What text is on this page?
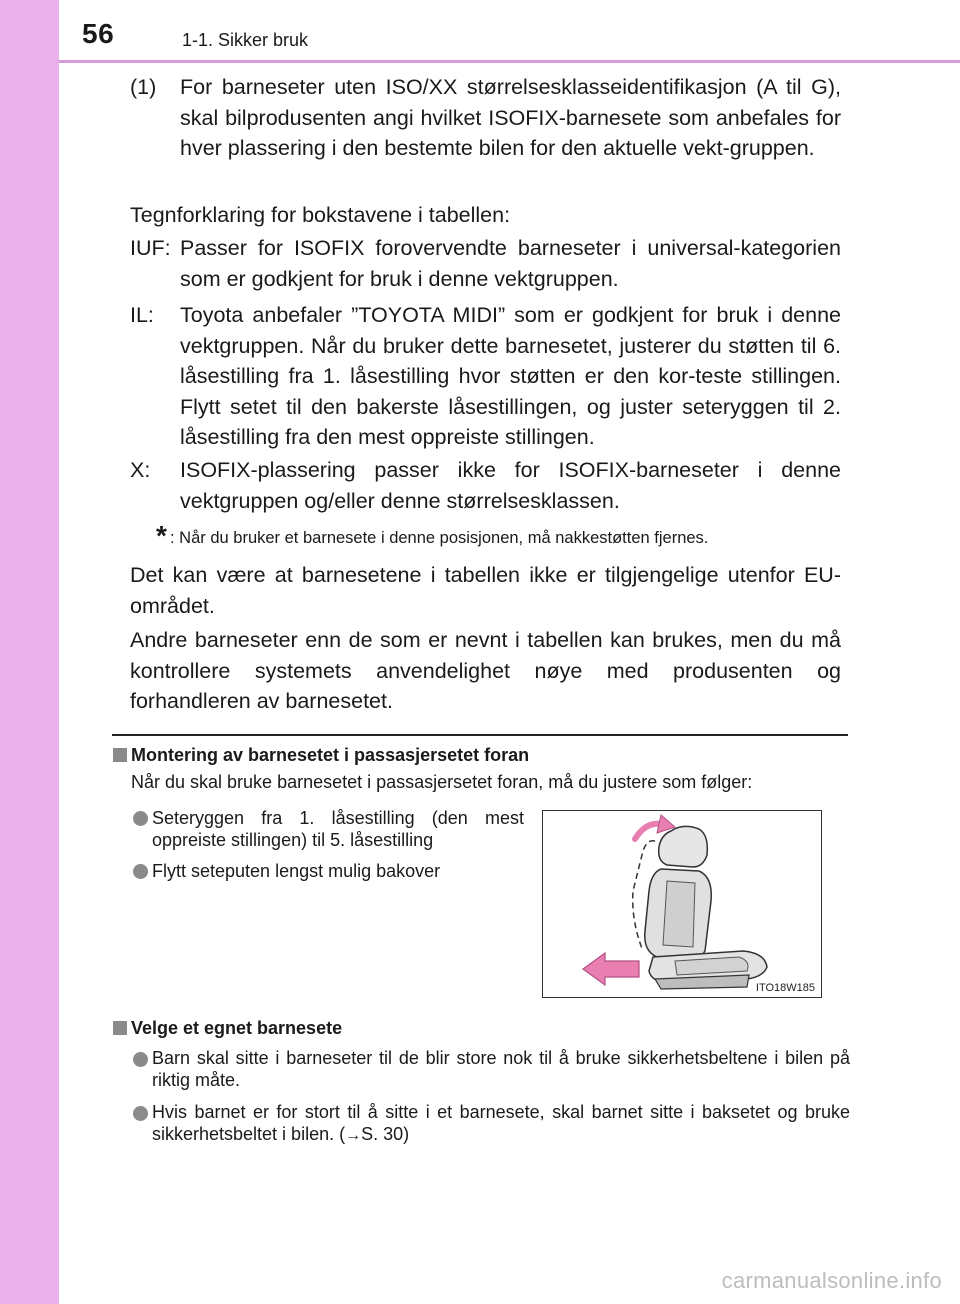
56	1-1. Sikker bruk
(1) For barneseter uten ISO/XX størrelsesklasseidentifikasjon (A til G), skal bilprodusenten angi hvilket ISOFIX-barnesete som anbefales for hver plassering i den bestemte bilen for den aktuelle vekt-gruppen.
Tegnforklaring for bokstavene i tabellen:
IUF: Passer for ISOFIX forovervendte barneseter i universal-kategorien som er godkjent for bruk i denne vektgruppen.
IL: Toyota anbefaler ”TOYOTA MIDI” som er godkjent for bruk i denne vektgruppen. Når du bruker dette barnesetet, justerer du støtten til 6. låsestilling fra 1. låsestilling hvor støtten er den kor-teste stillingen. Flytt setet til den bakerste låsestillingen, og juster seteryggen til 2. låsestilling fra den mest oppreiste stillingen.
X: ISOFIX-plassering passer ikke for ISOFIX-barneseter i denne vektgruppen og/eller denne størrelsesklassen.
* : Når du bruker et barnesete i denne posisjonen, må nakkestøtten fjernes.
Det kan være at barnesetene i tabellen ikke er tilgjengelige utenfor EU-området.
Andre barneseter enn de som er nevnt i tabellen kan brukes, men du må kontrollere systemets anvendelighet nøye med produsenten og forhandleren av barnesetet.
Montering av barnesetet i passasjersetet foran
Når du skal bruke barnesetet i passasjersetet foran, må du justere som følger:
Seteryggen fra 1. låsestilling (den mest oppreiste stillingen) til 5. låsestilling
Flytt seteputen lengst mulig bakover
ITO18W185
Velge et egnet barnesete
Barn skal sitte i barneseter til de blir store nok til å bruke sikkerhetsbeltene i bilen på riktig måte.
Hvis barnet er for stort til å sitte i et barnesete, skal barnet sitte i baksetet og bruke sikkerhetsbeltet i bilen. (→S. 30)
carmanualsonline.info
